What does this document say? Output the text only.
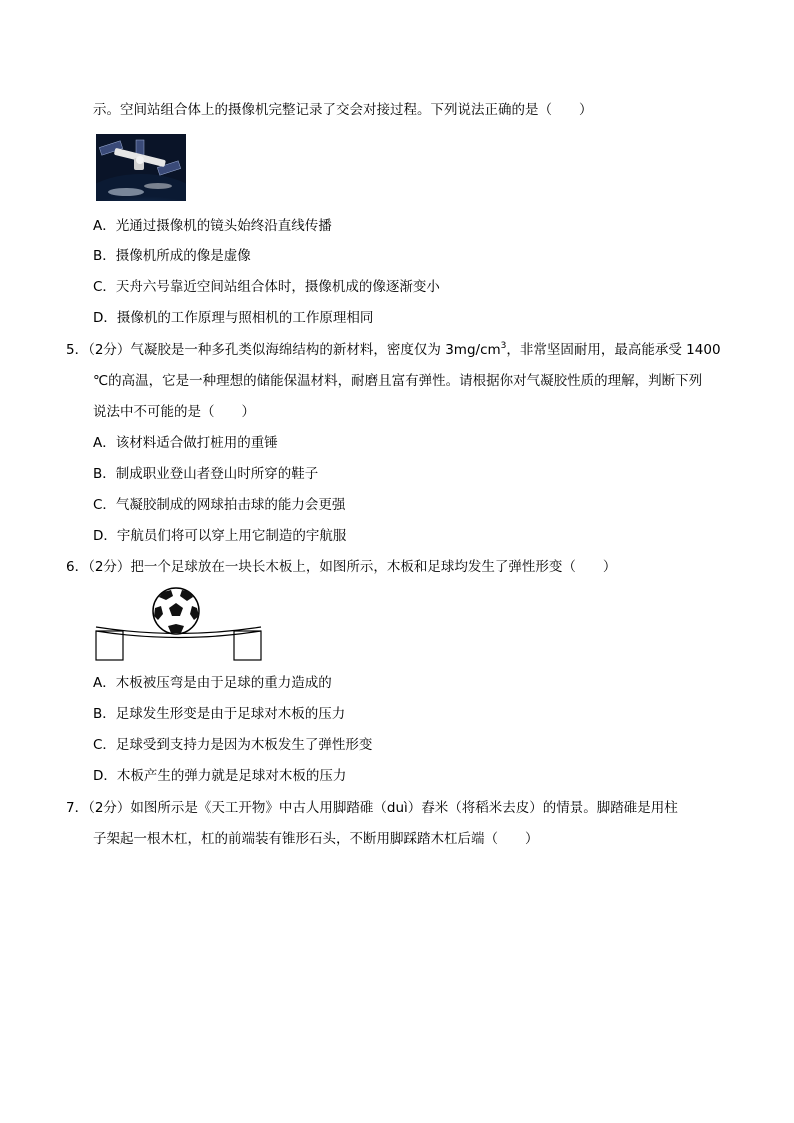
示。空间站组合体上的摄像机完整记录了交会对接过程。下列说法正确的是（　　）
A．光通过摄像机的镜头始终沿直线传播
B．摄像机所成的像是虚像
C．天舟六号靠近空间站组合体时，摄像机成的像逐渐变小
D．摄像机的工作原理与照相机的工作原理相同
5．（2分）气凝胶是一种多孔类似海绵结构的新材料，密度仅为 $3mg/cm^3$，非常坚固耐用，最高能承受 1400
℃的高温，它是一种理想的储能保温材料，耐磨且富有弹性。请根据你对气凝胶性质的理解，判断下列
说法中不可能的是（　　）
A．该材料适合做打桩用的重锤
B．制成职业登山者登山时所穿的鞋子
C．气凝胶制成的网球拍击球的能力会更强
D．宇航员们将可以穿上用它制造的宇航服
6．（2分）把一个足球放在一块长木板上，如图所示，木板和足球均发生了弹性形变（　　）
A．木板被压弯是由于足球的重力造成的
B．足球发生形变是由于足球对木板的压力
C．足球受到支持力是因为木板发生了弹性形变
D．木板产生的弹力就是足球对木板的压力
7．（2分）如图所示是《天工开物》中古人用脚踏碓（duì）舂米（将稻米去皮）的情景。脚踏碓是用柱
子架起一根木杠，杠的前端装有锥形石头，不断用脚踩踏木杠后端（　　）
